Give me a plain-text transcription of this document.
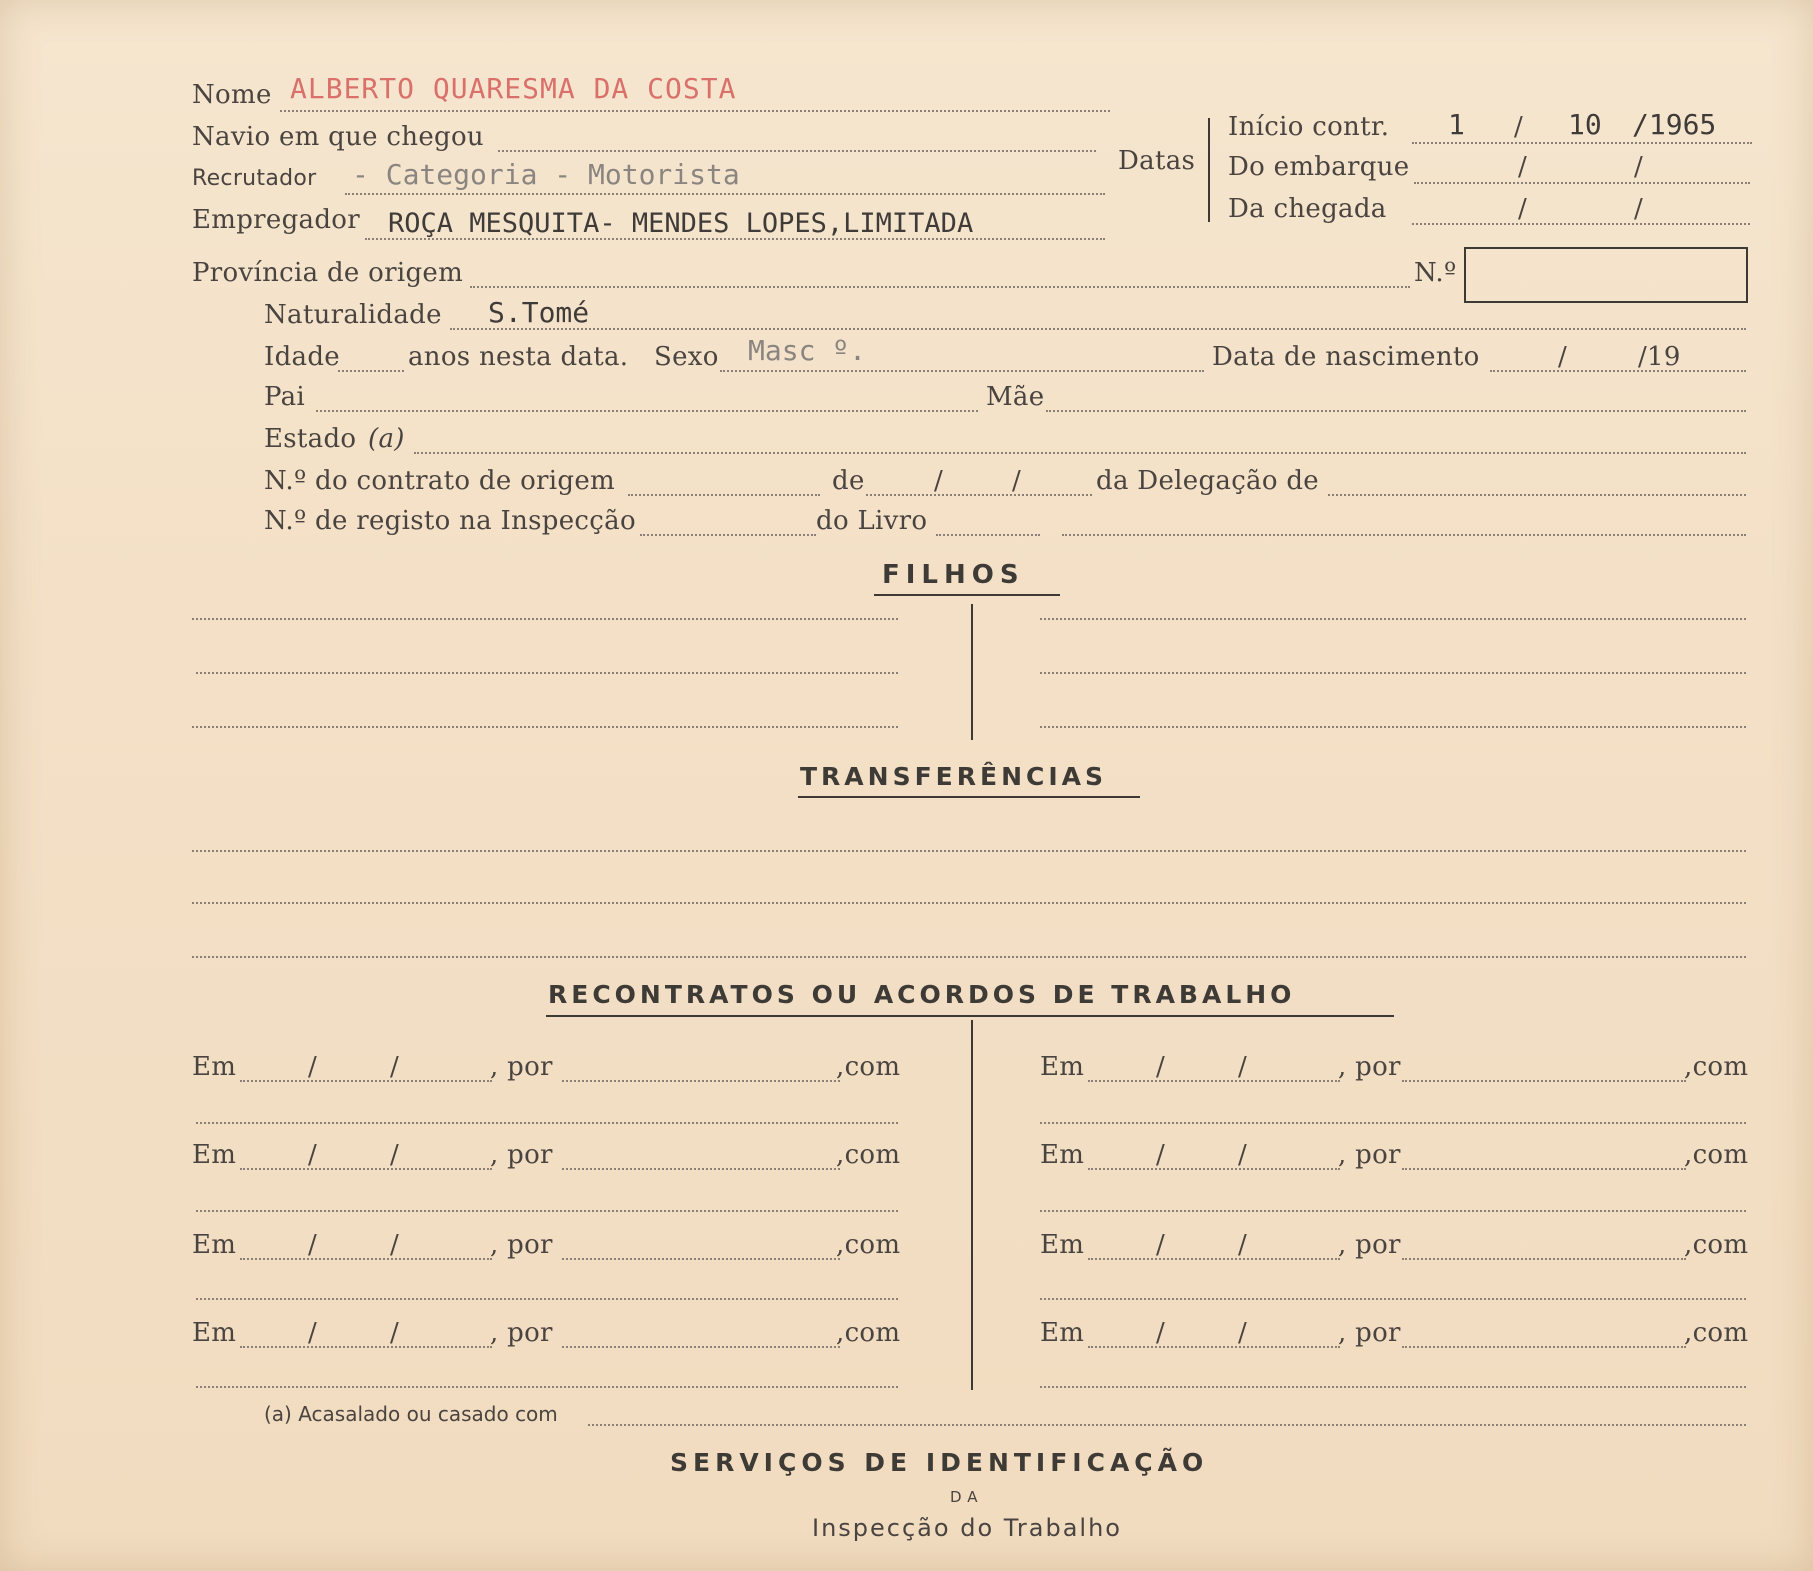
Nome ALBERTO QUARESMA DA COSTA
Navio em que chegou
Recrutador - Categoria - Motorista
Empregador ROÇA MESQUITA- MENDES LOPES,LIMITADA
Datas
Início contr. 1 / 10 /1965
Do embarque	/	/
Da chegada	/	/
Província de origem	N.º
Naturalidade S.Tomé
Idade	anos nesta data. Sexo Masc º.	Data de nascimento	/	/19
Pai	Mãe
Estado (a)
N.º do contrato de origem	de	/	/	da Delegação de
N.º de registo na Inspecção	do Livro
FILHOS
TRANSFERÊNCIAS
RECONTRATOS OU ACORDOS DE TRABALHO
Em	/	/	, por	,com
Em	/	/	, por	,com
Em	/	/	, por	,com
Em	/	/	, por	,com
Em	/	/	, por	,com
Em	/	/	, por	,com
Em	/	/	, por	,com
Em	/	/	, por	,com
(a) Acasalado ou casado com
SERVIÇOS DE IDENTIFICAÇÃO
DA
Inspecção do Trabalho
